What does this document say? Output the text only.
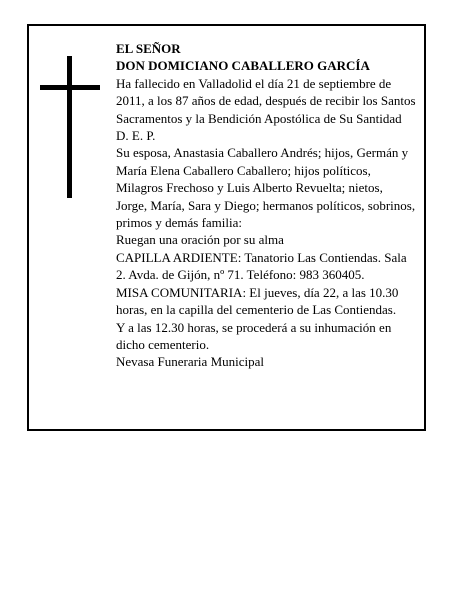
EL SEÑOR

DON DOMICIANO CABALLERO GARCÍA

Ha fallecido en Valladolid el día 21 de septiembre de 2011, a los 87 años de edad, después de recibir los Santos Sacramentos y la Bendición Apostólica de Su Santidad

D. E. P.

Su esposa, Anastasia Caballero Andrés; hijos, Germán y María Elena Caballero Caballero; hijos políticos, Milagros Frechoso y Luis Alberto Revuelta; nietos, Jorge, María, Sara y Diego; hermanos políticos, sobrinos, primos y demás familia:

Ruegan una oración por su alma

CAPILLA ARDIENTE: Tanatorio Las Contiendas. Sala 2. Avda. de Gijón, nº 71. Teléfono: 983 360405.

MISA COMUNITARIA: El jueves, día 22, a las 10.30 horas, en la capilla del cementerio de Las Contiendas.

Y a las 12.30 horas, se procederá a su inhumación en dicho cementerio.

Nevasa Funeraria Municipal
